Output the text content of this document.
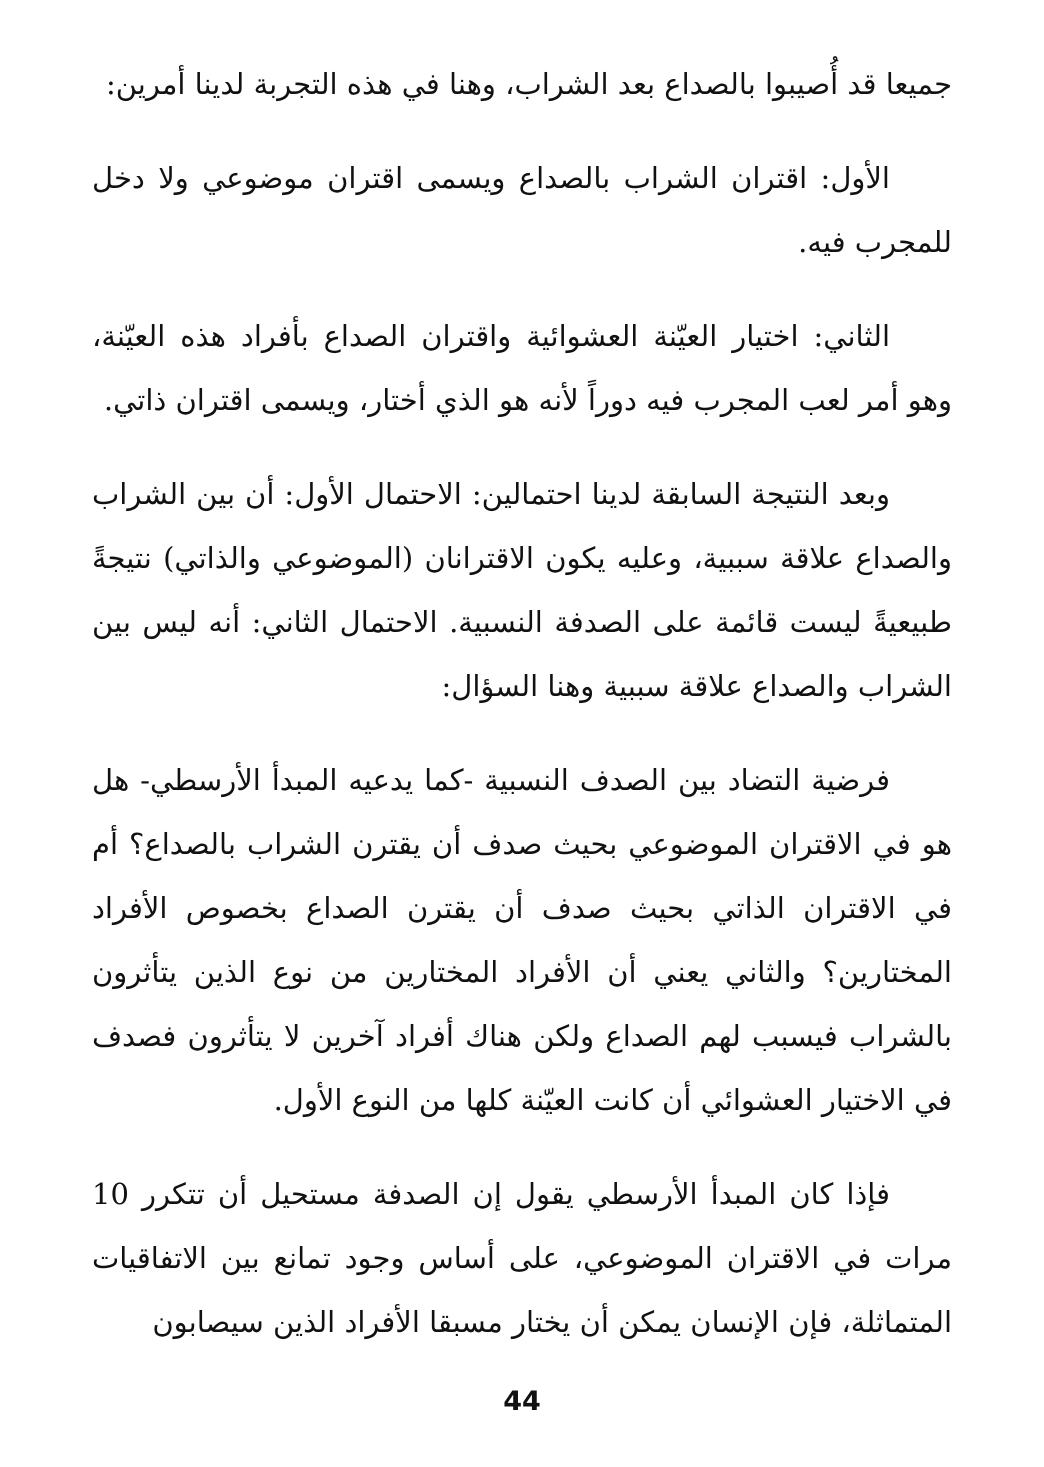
جميعا قد أُصيبوا بالصداع بعد الشراب، وهنا في هذه التجربة لدينا أمرين:

الأول: اقتران الشراب بالصداع ويسمى اقتران موضوعي ولا دخل للمجرب فيه.

الثاني: اختيار العيّنة العشوائية واقتران الصداع بأفراد هذه العيّنة، وهو أمر لعب المجرب فيه دوراً لأنه هو الذي أختار، ويسمى اقتران ذاتي.

وبعد النتيجة السابقة لدينا احتمالين: الاحتمال الأول: أن بين الشراب والصداع علاقة سببية، وعليه يكون الاقترانان (الموضوعي والذاتي) نتيجةً طبيعيةً ليست قائمة على الصدفة النسبية. الاحتمال الثاني: أنه ليس بين الشراب والصداع علاقة سببية وهنا السؤال:

فرضية التضاد بين الصدف النسبية -كما يدعيه المبدأ الأرسطي- هل هو في الاقتران الموضوعي بحيث صدف أن يقترن الشراب بالصداع؟ أم في الاقتران الذاتي بحيث صدف أن يقترن الصداع بخصوص الأفراد المختارين؟ والثاني يعني أن الأفراد المختارين من نوع الذين يتأثرون بالشراب فيسبب لهم الصداع ولكن هناك أفراد آخرين لا يتأثرون فصدف في الاختيار العشوائي أن كانت العيّنة كلها من النوع الأول.

فإذا كان المبدأ الأرسطي يقول إن الصدفة مستحيل أن تتكرر 10 مرات في الاقتران الموضوعي، على أساس وجود تمانع بين الاتفاقيات المتماثلة، فإن الإنسان يمكن أن يختار مسبقا الأفراد الذين سيصابون

44
